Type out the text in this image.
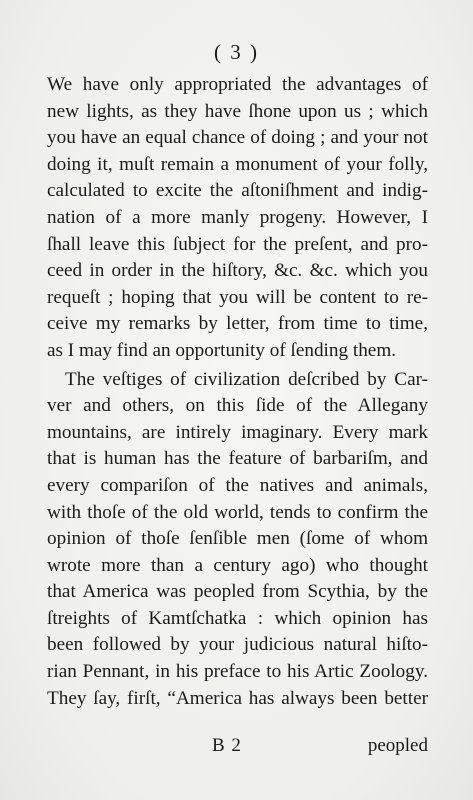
( 3 )
We have only appropriated the advantages of
new lights, as they have ſhone upon us ; which
you have an equal chance of doing ; and your not
doing it, muſt remain a monument of your folly,
calculated to excite the aſtoniſhment and indig-
nation of a more manly progeny. However, I
ſhall leave this ſubject for the preſent, and pro-
ceed in order in the hiſtory, &c. &c. which you
requeſt ; hoping that you will be content to re-
ceive my remarks by letter, from time to time,
as I may find an opportunity of ſending them.
The veſtiges of civilization deſcribed by Car-
ver and others, on this ſide of the Allegany
mountains, are intirely imaginary. Every mark
that is human has the feature of barbariſm, and
every compariſon of the natives and animals,
with thoſe of the old world, tends to confirm the
opinion of thoſe ſenſible men (ſome of whom
wrote more than a century ago) who thought
that America was peopled from Scythia, by the
ſtreights of Kamtſchatka : which opinion has
been followed by your judicious natural hiſto-
rian Pennant, in his preface to his Artic Zoology.
They ſay, firſt, “America has always been better
B 2	peopled
